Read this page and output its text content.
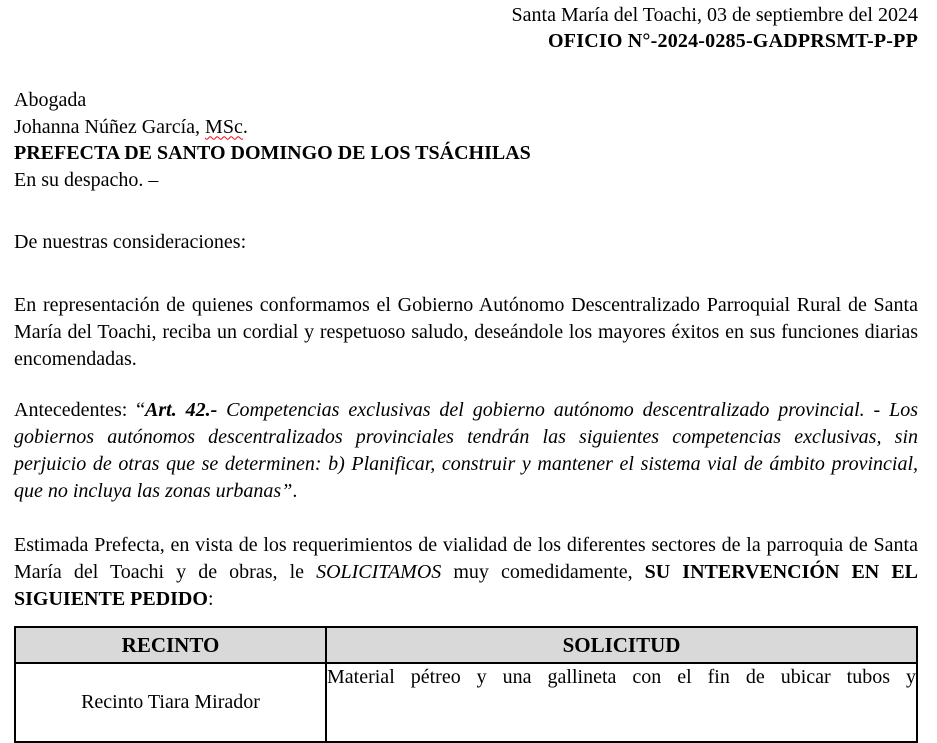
Santa María del Toachi, 03 de septiembre del 2024
OFICIO N°-2024-0285-GADPRSMT-P-PP
Abogada
Johanna Núñez García, MSc.
PREFECTA DE SANTO DOMINGO DE LOS TSÁCHILAS
En su despacho. –

De nuestras consideraciones:

En representación de quienes conformamos el Gobierno Autónomo Descentralizado Parroquial Rural de Santa María del Toachi, reciba un cordial y respetuoso saludo, deseándole los mayores éxitos en sus funciones diarias encomendadas.

Antecedentes: “Art. 42.- Competencias exclusivas del gobierno autónomo descentralizado provincial. - Los gobiernos autónomos descentralizados provinciales tendrán las siguientes competencias exclusivas, sin perjuicio de otras que se determinen: b) Planificar, construir y mantener el sistema vial de ámbito provincial, que no incluya las zonas urbanas”.

Estimada Prefecta, en vista de los requerimientos de vialidad de los diferentes sectores de la parroquia de Santa María del Toachi y de obras, le SOLICITAMOS muy comedidamente, SU INTERVENCIÓN EN EL SIGUIENTE PEDIDO:

RECINTO	SOLICITUD
Recinto Tiara Mirador	Material pétreo y una gallineta con el fin de ubicar tubos y
